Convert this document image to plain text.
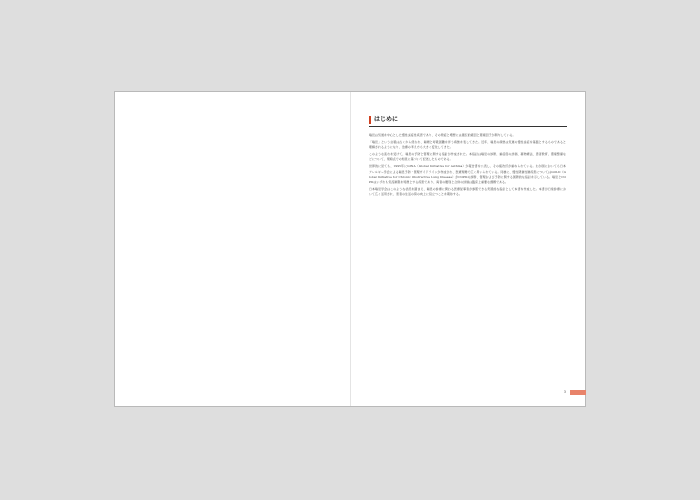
はじめに

喘息は気道を中心とした慢性炎症性疾患であり、その発症と増悪には遺伝的素因と環境因子が関与している。

「喘息」という言葉は古くから使われ、喘鳴と呼吸困難を伴う病態を表してきた。近年、喘息の病態は気道の慢性炎症を基盤とするものであると理解されるようになり、治療の考え方も大きく変化してきた。

このような流れを受けて、喘息の予防と管理に関する指針が作成された。本指針は喘息の診断、重症度の評価、薬物療法、患者教育、環境整備などについて、現時点での知見に基づいて記述したものである。

世界的に見ても、1995年にGINA（Global Initiative for Asthma）が報告書を公表し、その後改訂が重ねられている。わが国においても日本アレルギー学会による喘息予防・管理ガイドラインが作成され、医療現場で広く用いられている。同様に、慢性閉塞性肺疾患についてはGOLD（Global Initiative for Chronic Obstructive Lung Disease）がCOPDの診断、管理および予防に関する国際的な指針を示している。喘息とCOPDはいずれも気流制限を特徴とする疾患であり、両者の鑑別と合併の評価は臨床上重要な課題である。

日本喘息学会はこのような状況を踏まえ、喘息の診療に関わる医療従事者が参照できる実践的な指針として本書を作成した。本書が日常診療において広く活用され、患者の生活の質の向上に役立つことを期待する。

3
